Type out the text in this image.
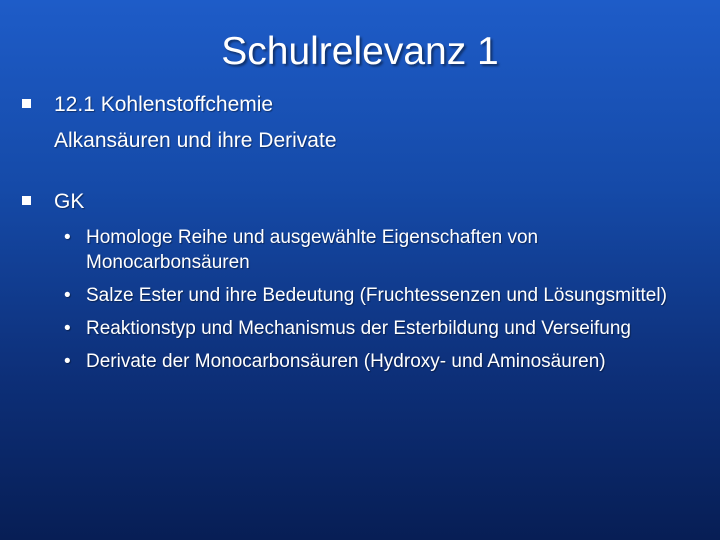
Schulrelevanz 1
12.1 Kohlenstoffchemie
Alkansäuren und ihre Derivate
GK
• Homologe Reihe und ausgewählte Eigenschaften von Monocarbonsäuren
• Salze Ester und ihre Bedeutung (Fruchtessenzen und Lösungsmittel)
• Reaktionstyp und Mechanismus der Esterbildung und Verseifung
• Derivate der Monocarbonsäuren (Hydroxy- und Aminosäuren)
